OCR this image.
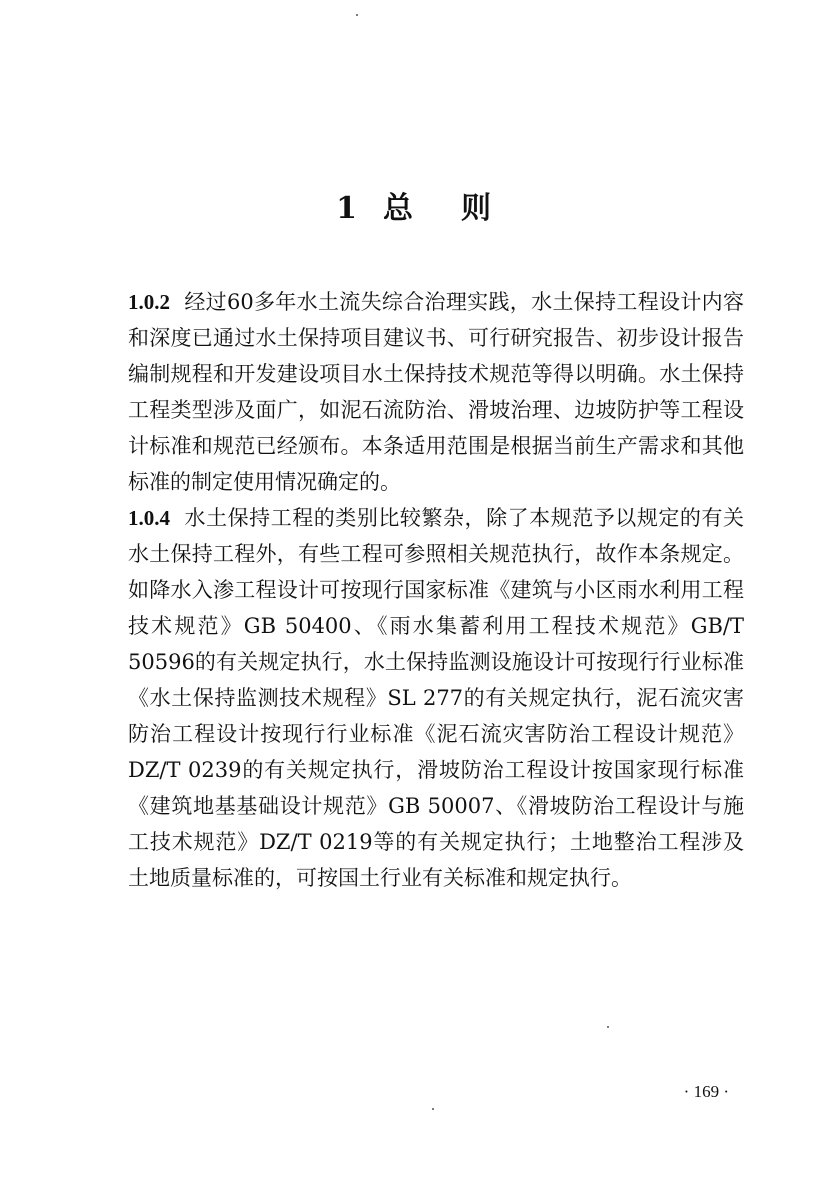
1 总 则

1.0.2 经过60多年水土流失综合治理实践，水土保持工程设计内容和深度已通过水土保持项目建议书、可行研究报告、初步设计报告编制规程和开发建设项目水土保持技术规范等得以明确。水土保持工程类型涉及面广，如泥石流防治、滑坡治理、边坡防护等工程设计标准和规范已经颁布。本条适用范围是根据当前生产需求和其他标准的制定使用情况确定的。

1.0.4 水土保持工程的类别比较繁杂，除了本规范予以规定的有关水土保持工程外，有些工程可参照相关规范执行，故作本条规定。如降水入渗工程设计可按现行国家标准《建筑与小区雨水利用工程技术规范》GB 50400、《雨水集蓄利用工程技术规范》GB/T 50596的有关规定执行，水土保持监测设施设计可按现行行业标准《水土保持监测技术规程》SL 277的有关规定执行，泥石流灾害防治工程设计按现行行业标准《泥石流灾害防治工程设计规范》DZ/T 0239的有关规定执行，滑坡防治工程设计按国家现行标准《建筑地基基础设计规范》GB 50007、《滑坡防治工程设计与施工技术规范》DZ/T 0219等的有关规定执行；土地整治工程涉及土地质量标准的，可按国土行业有关标准和规定执行。

· 169 ·
